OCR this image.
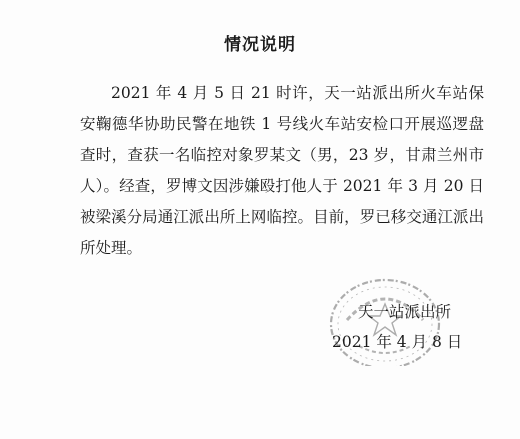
情况说明

2021 年 4 月 5 日 21 时许，天一站派出所火车站保安鞠德华协助民警在地铁 1 号线火车站安检口开展巡逻盘查时，查获一名临控对象罗某文（男，23 岁，甘肃兰州市人）。经查，罗博文因涉嫌殴打他人于 2021 年 3 月 20 日被梁溪分局通江派出所上网临控。目前，罗已移交通江派出所处理。

天一站派出所
2021 年 4 月 8 日
